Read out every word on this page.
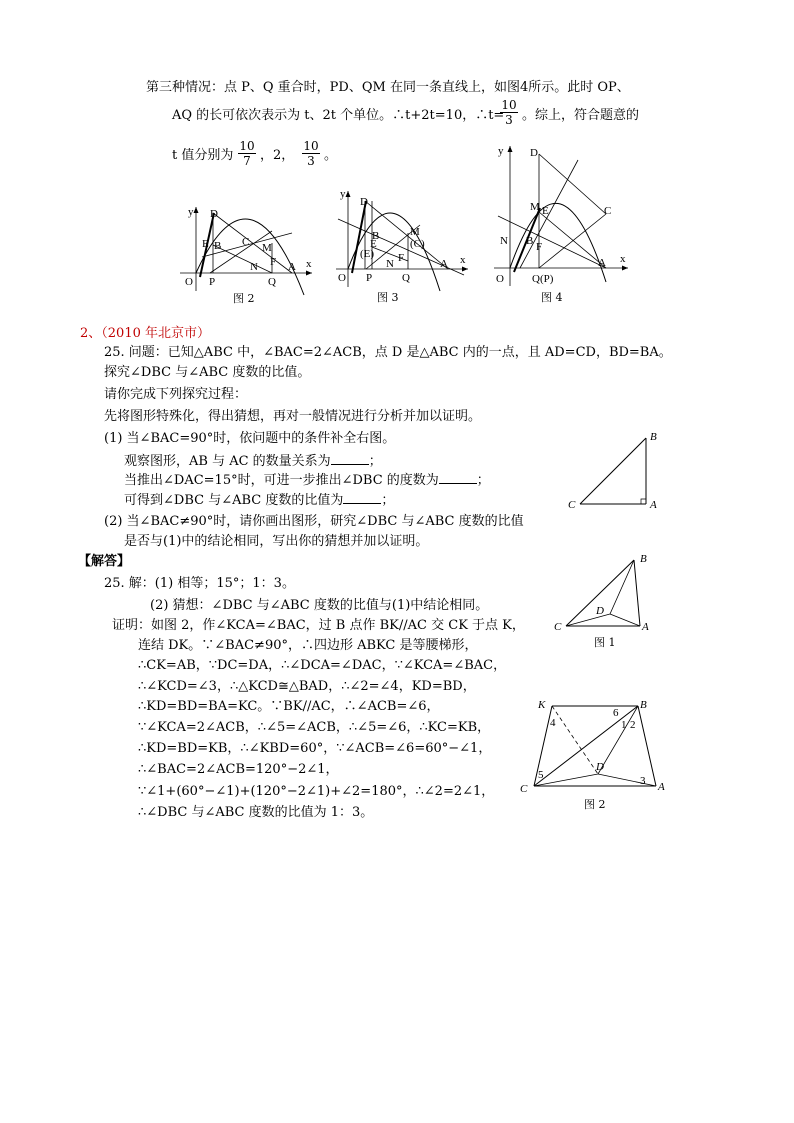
第三种情况：点 P、Q 重合时，PD、QM 在同一条直线上，如图4所示。此时 OP、
AQ 的长可依次表示为 t、2t 个单位。∴t+2t=10，∴t=
$\frac{10}{3}$ 。综上，符合题意的
t 值分别为 $\frac{10}{7}$ ，2， $\frac{10}{3}$ 。
y D
E B C M
N F A
O P	Q
x
图 2
y
D
E
(E)
B	M
(C)
N F	A
O P	Q
x
图 3
y D
M E	C
N B F
A
O	Q(P)
x
图 4
2、（2010 年北京市）
25. 问题：已知△ABC 中，∠BAC=2∠ACB，点 D 是△ABC 内的一点，且 AD=CD，BD=BA。
探究∠DBC 与∠ABC 度数的比值。
请你完成下列探究过程：
先将图形特殊化，得出猜想，再对一般情况进行分析并加以证明。
(1) 当∠BAC=90°时，依问题中的条件补全右图。
观察图形，AB 与 AC 的数量关系为	；
当推出∠DAC=15°时，可进一步推出∠DBC 的度数为	；
可得到∠DBC 与∠ABC 度数的比值为	；
(2) 当∠BAC≠90°时，请你画出图形，研究∠DBC 与∠ABC 度数的比值
是否与(1)中的结论相同，写出你的猜想并加以证明。
B
C	A
【解答】
25. 解：(1) 相等；15°；1：3。
(2) 猜想：∠DBC 与∠ABC 度数的比值与(1)中结论相同。
证明：如图 2，作∠KCA=∠BAC，过 B 点作 BK//AC 交 CK 于点 K，
连结 DK。∵∠BAC≠90°，∴四边形 ABKC 是等腰梯形，
∴CK=AB，∵DC=DA，∴∠DCA=∠DAC，∵∠KCA=∠BAC，
∴∠KCD=∠3，∴△KCD≅△BAD，∴∠2=∠4，KD=BD，
∴KD=BD=BA=KC。∵BK//AC，∴∠ACB=∠6，
∵∠KCA=2∠ACB，∴∠5=∠ACB，∴∠5=∠6，∴KC=KB，
∴KD=BD=KB，∴∠KBD=60°，∵∠ACB=∠6=60°−∠1，
∴∠BAC=2∠ACB=120°−2∠1，
∵∠1+(60°−∠1)+(120°−2∠1)+∠2=180°，∴∠2=2∠1，
∴∠DBC 与∠ABC 度数的比值为 1：3。
B
D
C	A
图 1
K
6
B
4	1 2
5
D
3
C	A
图 2
